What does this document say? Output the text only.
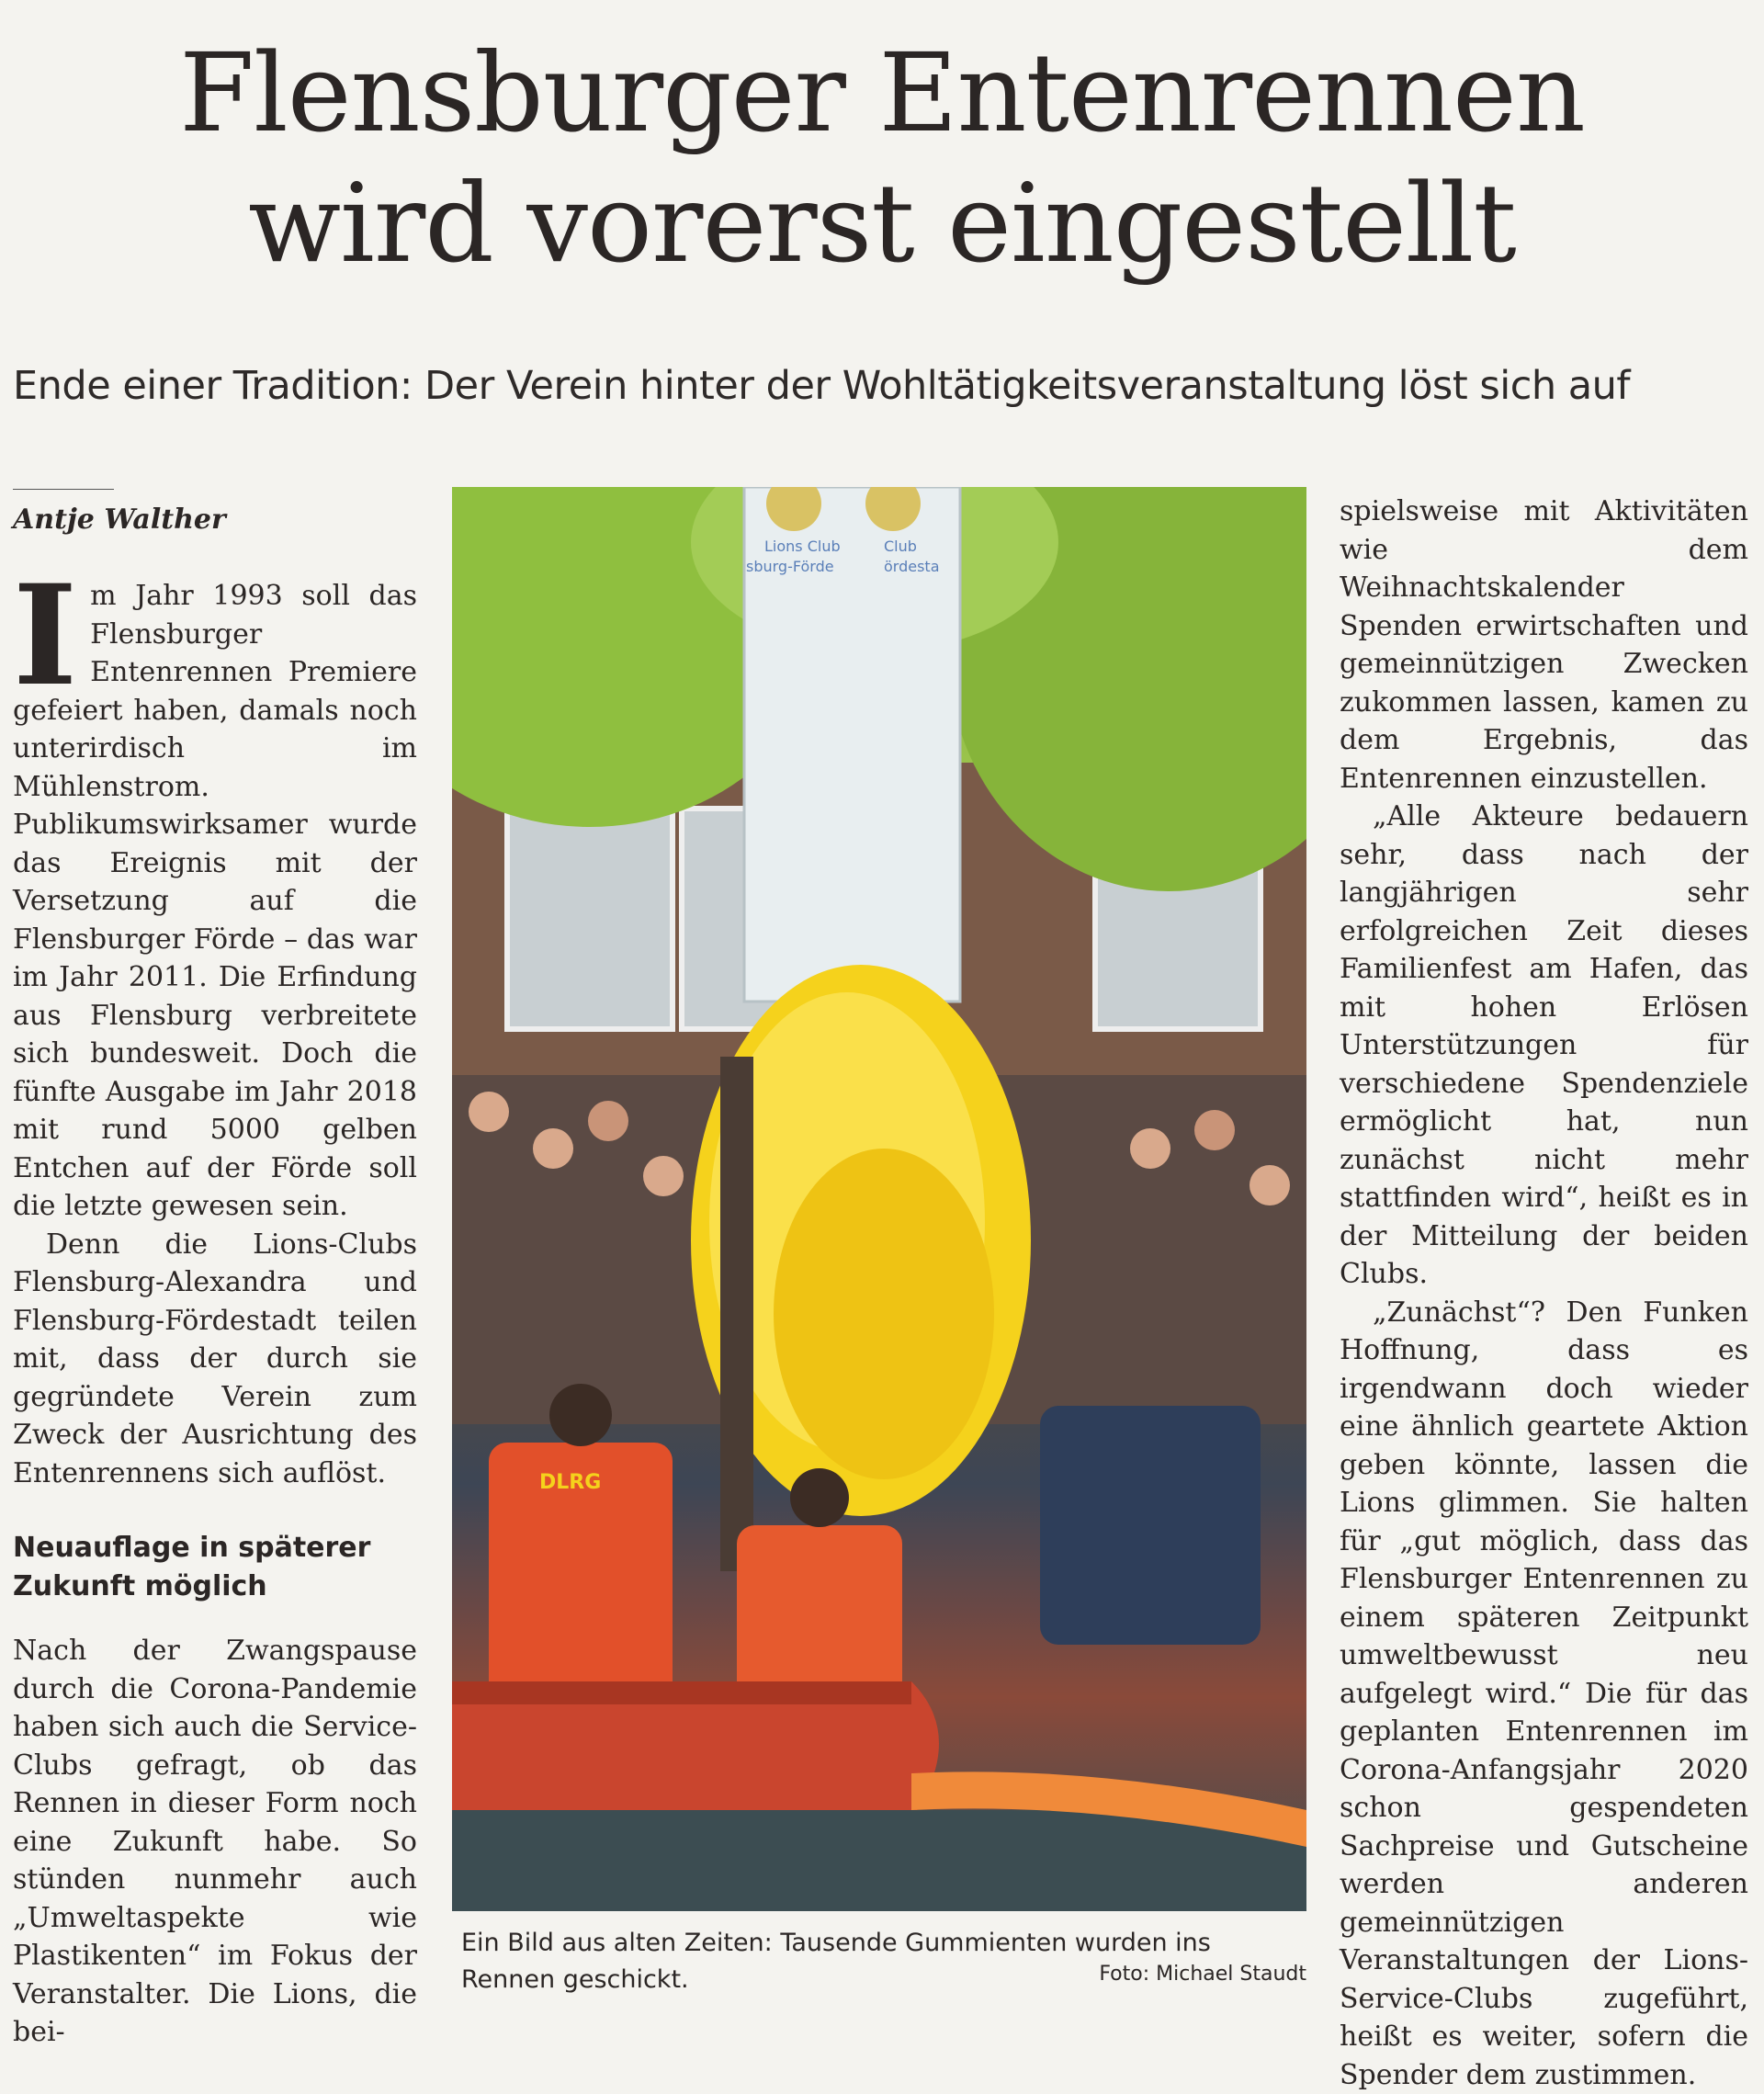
Flensburger Entenrennen
wird vorerst eingestellt
Ende einer Tradition: Der Verein hinter der Wohltätigkeitsveranstaltung löst sich auf
Antje Walther

Im Jahr 1993 soll das Flensburger Entenrennen Premiere gefeiert haben, damals noch unterirdisch im Mühlenstrom. Publikumswirksamer wurde das Ereignis mit der Versetzung auf die Flensburger Förde – das war im Jahr 2011. Die Erfindung aus Flensburg verbreitete sich bundesweit. Doch die fünfte Ausgabe im Jahr 2018 mit rund 5000 gelben Entchen auf der Förde soll die letzte gewesen sein.

Denn die Lions-Clubs Flensburg-Alexandra und Flensburg-Fördestadt teilen mit, dass der durch sie gegründete Verein zum Zweck der Ausrichtung des Entenrennens sich auflöst.

Neuauflage in späterer Zukunft möglich

Nach der Zwangspause durch die Corona-Pandemie haben sich auch die Service-Clubs gefragt, ob das Rennen in dieser Form noch eine Zukunft habe. So stünden nunmehr auch „Umweltaspekte wie Plastikenten“ im Fokus der Veranstalter. Die Lions, die bei-

Lions Club
sburg-Förde
Club
ördesta
DLRG
Ein Bild aus alten Zeiten: Tausende Gummienten wurden ins Rennen geschickt.	Foto: Michael Staudt

spielsweise mit Aktivitäten wie dem Weihnachtskalender Spenden erwirtschaften und gemeinnützigen Zwecken zukommen lassen, kamen zu dem Ergebnis, das Entenrennen einzustellen.

„Alle Akteure bedauern sehr, dass nach der langjährigen sehr erfolgreichen Zeit dieses Familienfest am Hafen, das mit hohen Erlösen Unterstützungen für verschiedene Spendenziele ermöglicht hat, nun zunächst nicht mehr stattfinden wird“, heißt es in der Mitteilung der beiden Clubs.

„Zunächst“? Den Funken Hoffnung, dass es irgendwann doch wieder eine ähnlich geartete Aktion geben könnte, lassen die Lions glimmen. Sie halten für „gut möglich, dass das Flensburger Entenrennen zu einem späteren Zeitpunkt umweltbewusst neu aufgelegt wird.“ Die für das geplanten Entenrennen im Corona-Anfangsjahr 2020 schon gespendeten Sachpreise und Gutscheine werden anderen gemeinnützigen Veranstaltungen der Lions-Service-Clubs zugeführt, heißt es weiter, sofern die Spender dem zustimmen.
